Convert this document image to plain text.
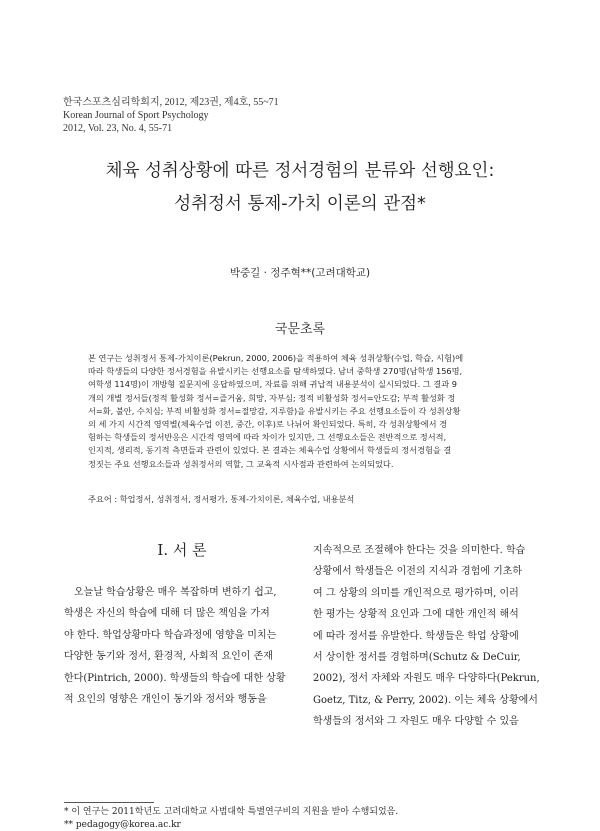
한국스포츠심리학회지, 2012, 제23권, 제4호, 55~71
Korean Journal of Sport Psychology
2012, Vol. 23, No. 4, 55-71
체육 성취상황에 따른 정서경험의 분류와 선행요인:
성취정서 통제-가치 이론의 관점*
박중길 · 정주혁**(고려대학교)
국문초록
본 연구는 성취정서 통제-가치이론(Pekrun, 2000, 2006)을 적용하여 체육 성취상황(수업, 학습, 시험)에
따라 학생들의 다양한 정서경험을 유발시키는 선행요소를 탐색하였다. 남녀 중학생 270명(남학생 156명,
여학생 114명)이 개방형 질문지에 응답하였으며, 자료를 위해 귀납적 내용분석이 실시되었다. 그 결과 9
개의 개별 정서들(정적 활성화 정서=즐거움, 희망, 자부심; 정적 비활성화 정서=안도감; 부적 활성화 정
서=화, 불안, 수치심; 부적 비활성화 정서=절망감, 지루함)을 유발시키는 주요 선행요소들이 각 성취상황
의 세 가지 시간적 영역별(체육수업 이전, 중간, 이후)로 나뉘어 확인되었다. 특히, 각 성취상황에서 경
험하는 학생들의 정서반응은 시간적 영역에 따라 차이가 있지만, 그 선행요소들은 전반적으로 정서적,
인지적, 생리적, 동기적 측면들과 관련이 있었다. 본 결과는 체육수업 상황에서 학생들의 정서경험을 결
정짓는 주요 선행요소들과 성취정서의 역할, 그 교육적 시사점과 관련하여 논의되었다.
주요어 : 학업정서, 성취정서, 정서평가, 통제-가치이론, 체육수업, 내용분석
I. 서 론
오늘날 학습상황은 매우 복잡하며 변하기 쉽고,
학생은 자신의 학습에 대해 더 많은 책임을 가져
야 한다. 학업상황마다 학습과정에 영향을 미치는
다양한 동기와 정서, 환경적, 사회적 요인이 존재
한다(Pintrich, 2000). 학생들의 학습에 대한 상황
적 요인의 영향은 개인이 동기와 정서와 행동을
지속적으로 조절해야 한다는 것을 의미한다. 학습
상황에서 학생들은 이전의 지식과 경험에 기초하
여 그 상황의 의미를 개인적으로 평가하며, 이러
한 평가는 상황적 요인과 그에 대한 개인적 해석
에 따라 정서를 유발한다. 학생들은 학업 상황에
서 상이한 정서를 경험하며(Schutz & DeCuir,
2002), 정서 자체와 자원도 매우 다양하다(Pekrun,
Goetz, Titz, & Perry, 2002). 이는 체육 상황에서
학생들의 정서와 그 자원도 매우 다양할 수 있음
* 이 연구는 2011학년도 고려대학교 사범대학 특별연구비의 지원을 받아 수행되었음.
** pedagogy@korea.ac.kr
